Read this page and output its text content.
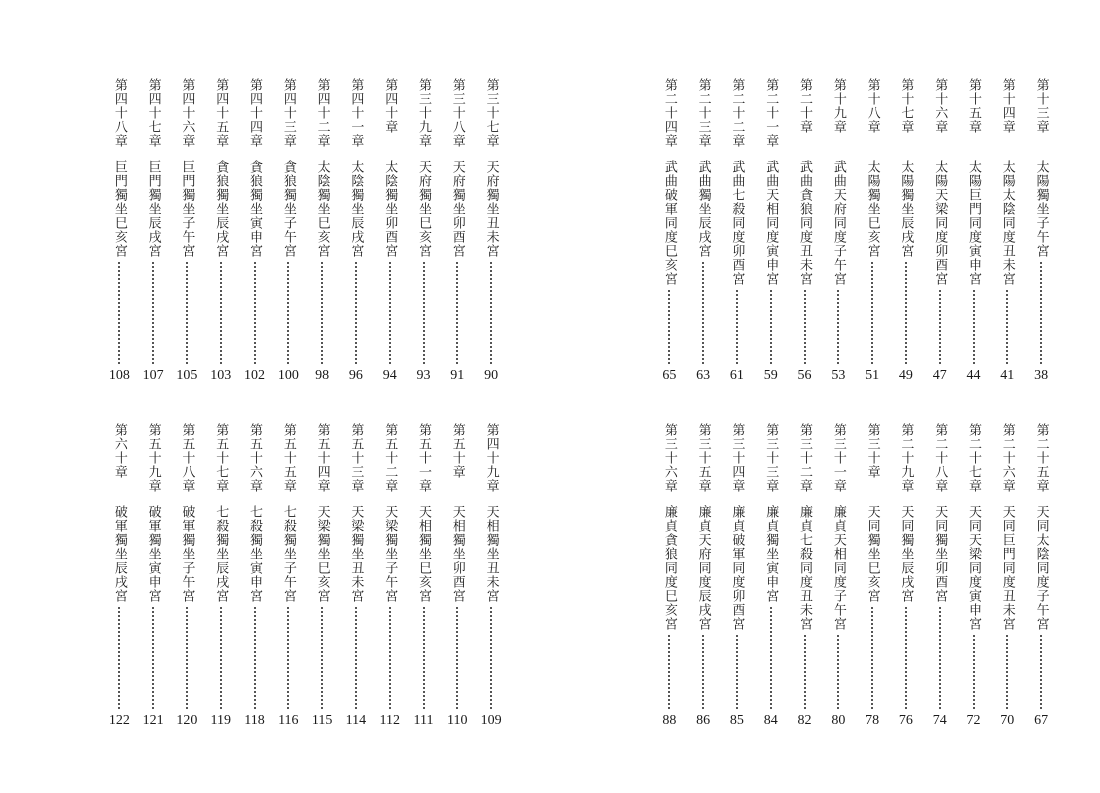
第三十七章
天府獨坐丑未宮
90
第三十八章
天府獨坐卯酉宮
91
第三十九章
天府獨坐巳亥宮
93
第四十章
太陰獨坐卯酉宮
94
第四十一章
太陰獨坐辰戌宮
96
第四十二章
太陰獨坐巳亥宮
98
第四十三章
貪狼獨坐子午宮
100
第四十四章
貪狼獨坐寅申宮
102
第四十五章
貪狼獨坐辰戌宮
103
第四十六章
巨門獨坐子午宮
105
第四十七章
巨門獨坐辰戌宮
107
第四十八章
巨門獨坐巳亥宮
108
第四十九章
天相獨坐丑未宮
109
第五十章
天相獨坐卯酉宮
110
第五十一章
天相獨坐巳亥宮
111
第五十二章
天梁獨坐子午宮
112
第五十三章
天梁獨坐丑未宮
114
第五十四章
天梁獨坐巳亥宮
115
第五十五章
七殺獨坐子午宮
116
第五十六章
七殺獨坐寅申宮
118
第五十七章
七殺獨坐辰戌宮
119
第五十八章
破軍獨坐子午宮
120
第五十九章
破軍獨坐寅申宮
121
第六十章
破軍獨坐辰戌宮
122
第十三章
太陽獨坐子午宮
38
第十四章
太陽太陰同度丑未宮
41
第十五章
太陽巨門同度寅申宮
44
第十六章
太陽天梁同度卯酉宮
47
第十七章
太陽獨坐辰戌宮
49
第十八章
太陽獨坐巳亥宮
51
第十九章
武曲天府同度子午宮
53
第二十章
武曲貪狼同度丑未宮
56
第二十一章
武曲天相同度寅申宮
59
第二十二章
武曲七殺同度卯酉宮
61
第二十三章
武曲獨坐辰戌宮
63
第二十四章
武曲破軍同度巳亥宮
65
第二十五章
天同太陰同度子午宮
67
第二十六章
天同巨門同度丑未宮
70
第二十七章
天同天梁同度寅申宮
72
第二十八章
天同獨坐卯酉宮
74
第二十九章
天同獨坐辰戌宮
76
第三十章
天同獨坐巳亥宮
78
第三十一章
廉貞天相同度子午宮
80
第三十二章
廉貞七殺同度丑未宮
82
第三十三章
廉貞獨坐寅申宮
84
第三十四章
廉貞破軍同度卯酉宮
85
第三十五章
廉貞天府同度辰戌宮
86
第三十六章
廉貞貪狼同度巳亥宮
88
